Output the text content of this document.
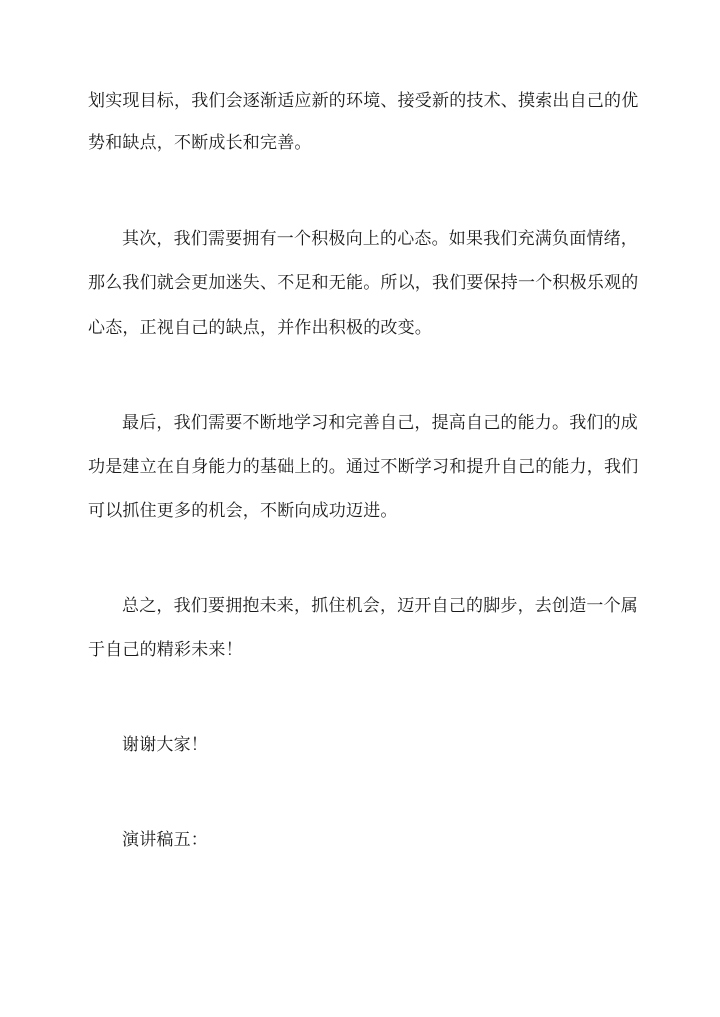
划实现目标，我们会逐渐适应新的环境、接受新的技术、摸索出自己的优
势和缺点，不断成长和完善。
其次，我们需要拥有一个积极向上的心态。如果我们充满负面情绪，
那么我们就会更加迷失、不足和无能。所以，我们要保持一个积极乐观的
心态，正视自己的缺点，并作出积极的改变。
最后，我们需要不断地学习和完善自己，提高自己的能力。我们的成
功是建立在自身能力的基础上的。通过不断学习和提升自己的能力，我们
可以抓住更多的机会，不断向成功迈进。
总之，我们要拥抱未来，抓住机会，迈开自己的脚步，去创造一个属
于自己的精彩未来！
谢谢大家！
演讲稿五：
